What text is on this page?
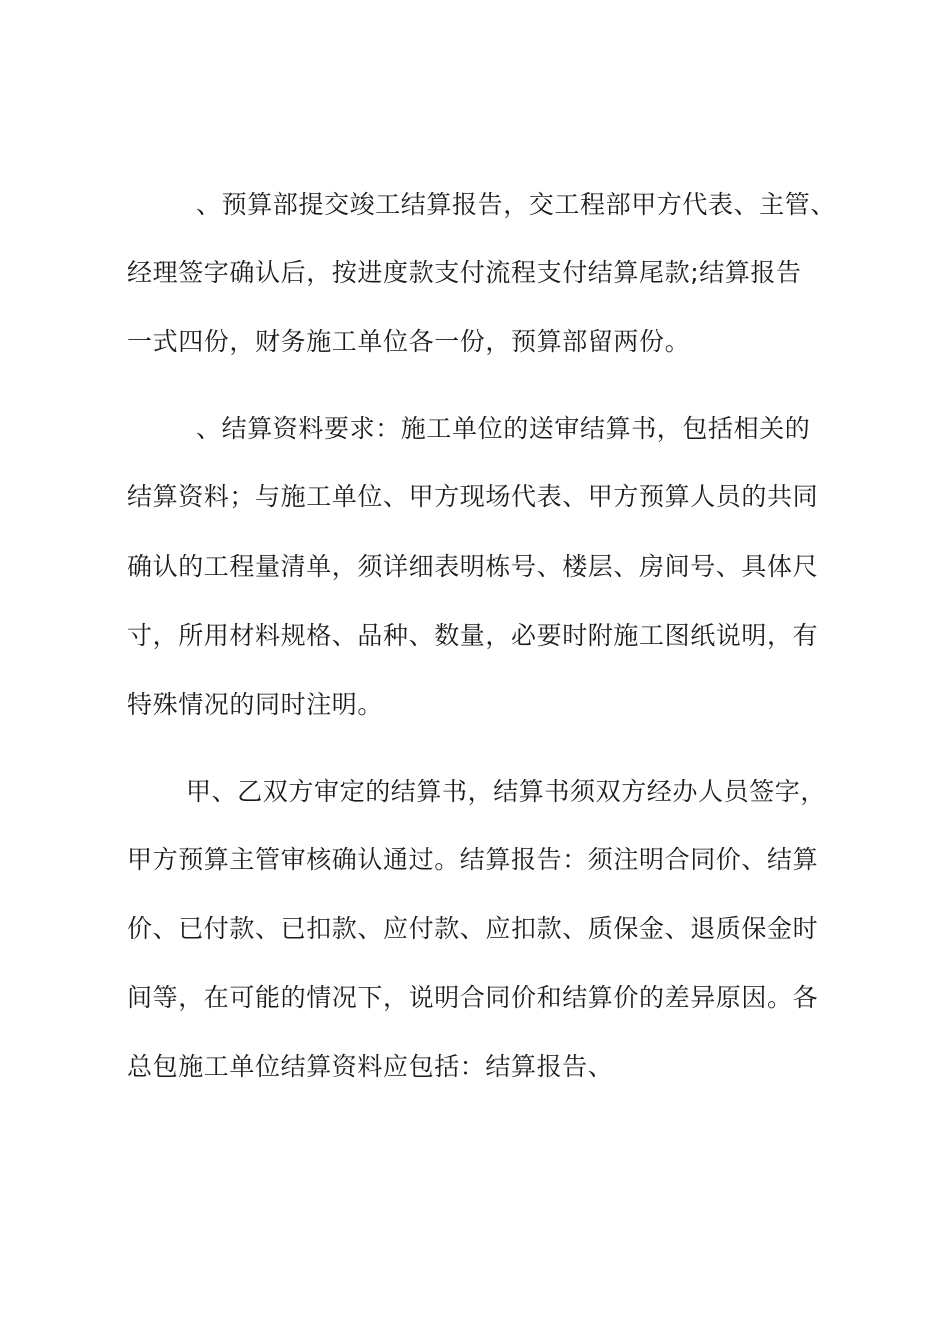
、预算部提交竣工结算报告，交工程部甲方代表、主管、
经理签字确认后，按进度款支付流程支付结算尾款;结算报告
一式四份，财务施工单位各一份，预算部留两份。
、结算资料要求：施工单位的送审结算书，包括相关的
结算资料；与施工单位、甲方现场代表、甲方预算人员的共同
确认的工程量清单，须详细表明栋号、楼层、房间号、具体尺
寸，所用材料规格、品种、数量，必要时附施工图纸说明，有
特殊情况的同时注明。
甲、乙双方审定的结算书，结算书须双方经办人员签字，
甲方预算主管审核确认通过。结算报告：须注明合同价、结算
价、已付款、已扣款、应付款、应扣款、质保金、退质保金时
间等，在可能的情况下，说明合同价和结算价的差异原因。各
总包施工单位结算资料应包括：结算报告、
